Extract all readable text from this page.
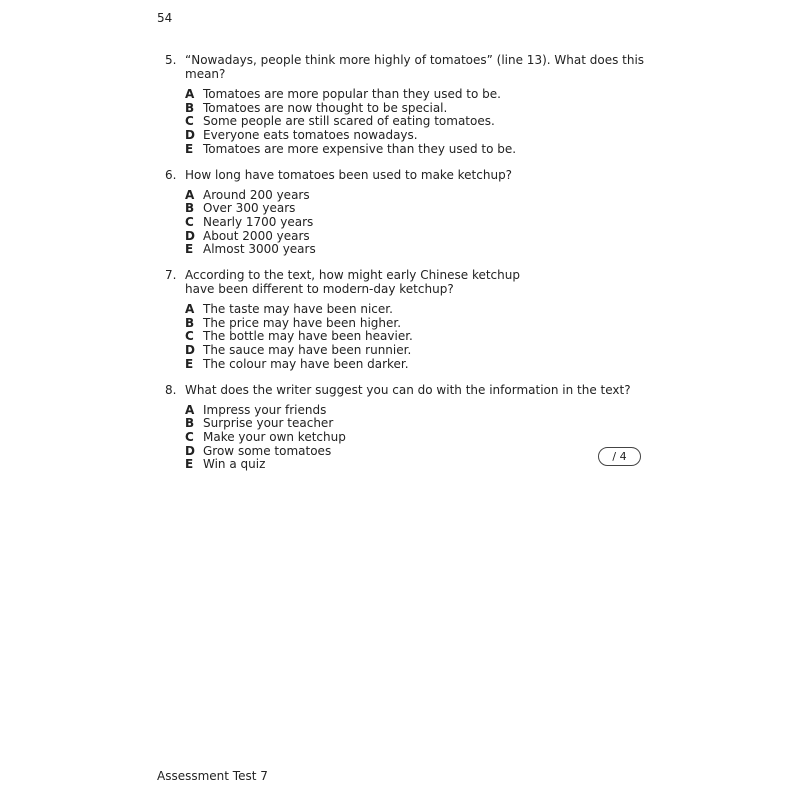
54
5. “Nowadays, people think more highly of tomatoes” (line 13). What does this mean?
A Tomatoes are more popular than they used to be.
B Tomatoes are now thought to be special.
C Some people are still scared of eating tomatoes.
D Everyone eats tomatoes nowadays.
E Tomatoes are more expensive than they used to be.
6. How long have tomatoes been used to make ketchup?
A Around 200 years
B Over 300 years
C Nearly 1700 years
D About 2000 years
E Almost 3000 years
7. According to the text, how might early Chinese ketchup
have been different to modern-day ketchup?
A The taste may have been nicer.
B The price may have been higher.
C The bottle may have been heavier.
D The sauce may have been runnier.
E The colour may have been darker.
8. What does the writer suggest you can do with the information in the text?
A Impress your friends
B Surprise your teacher
C Make your own ketchup
D Grow some tomatoes
E Win a quiz
/ 4
Assessment Test 7
